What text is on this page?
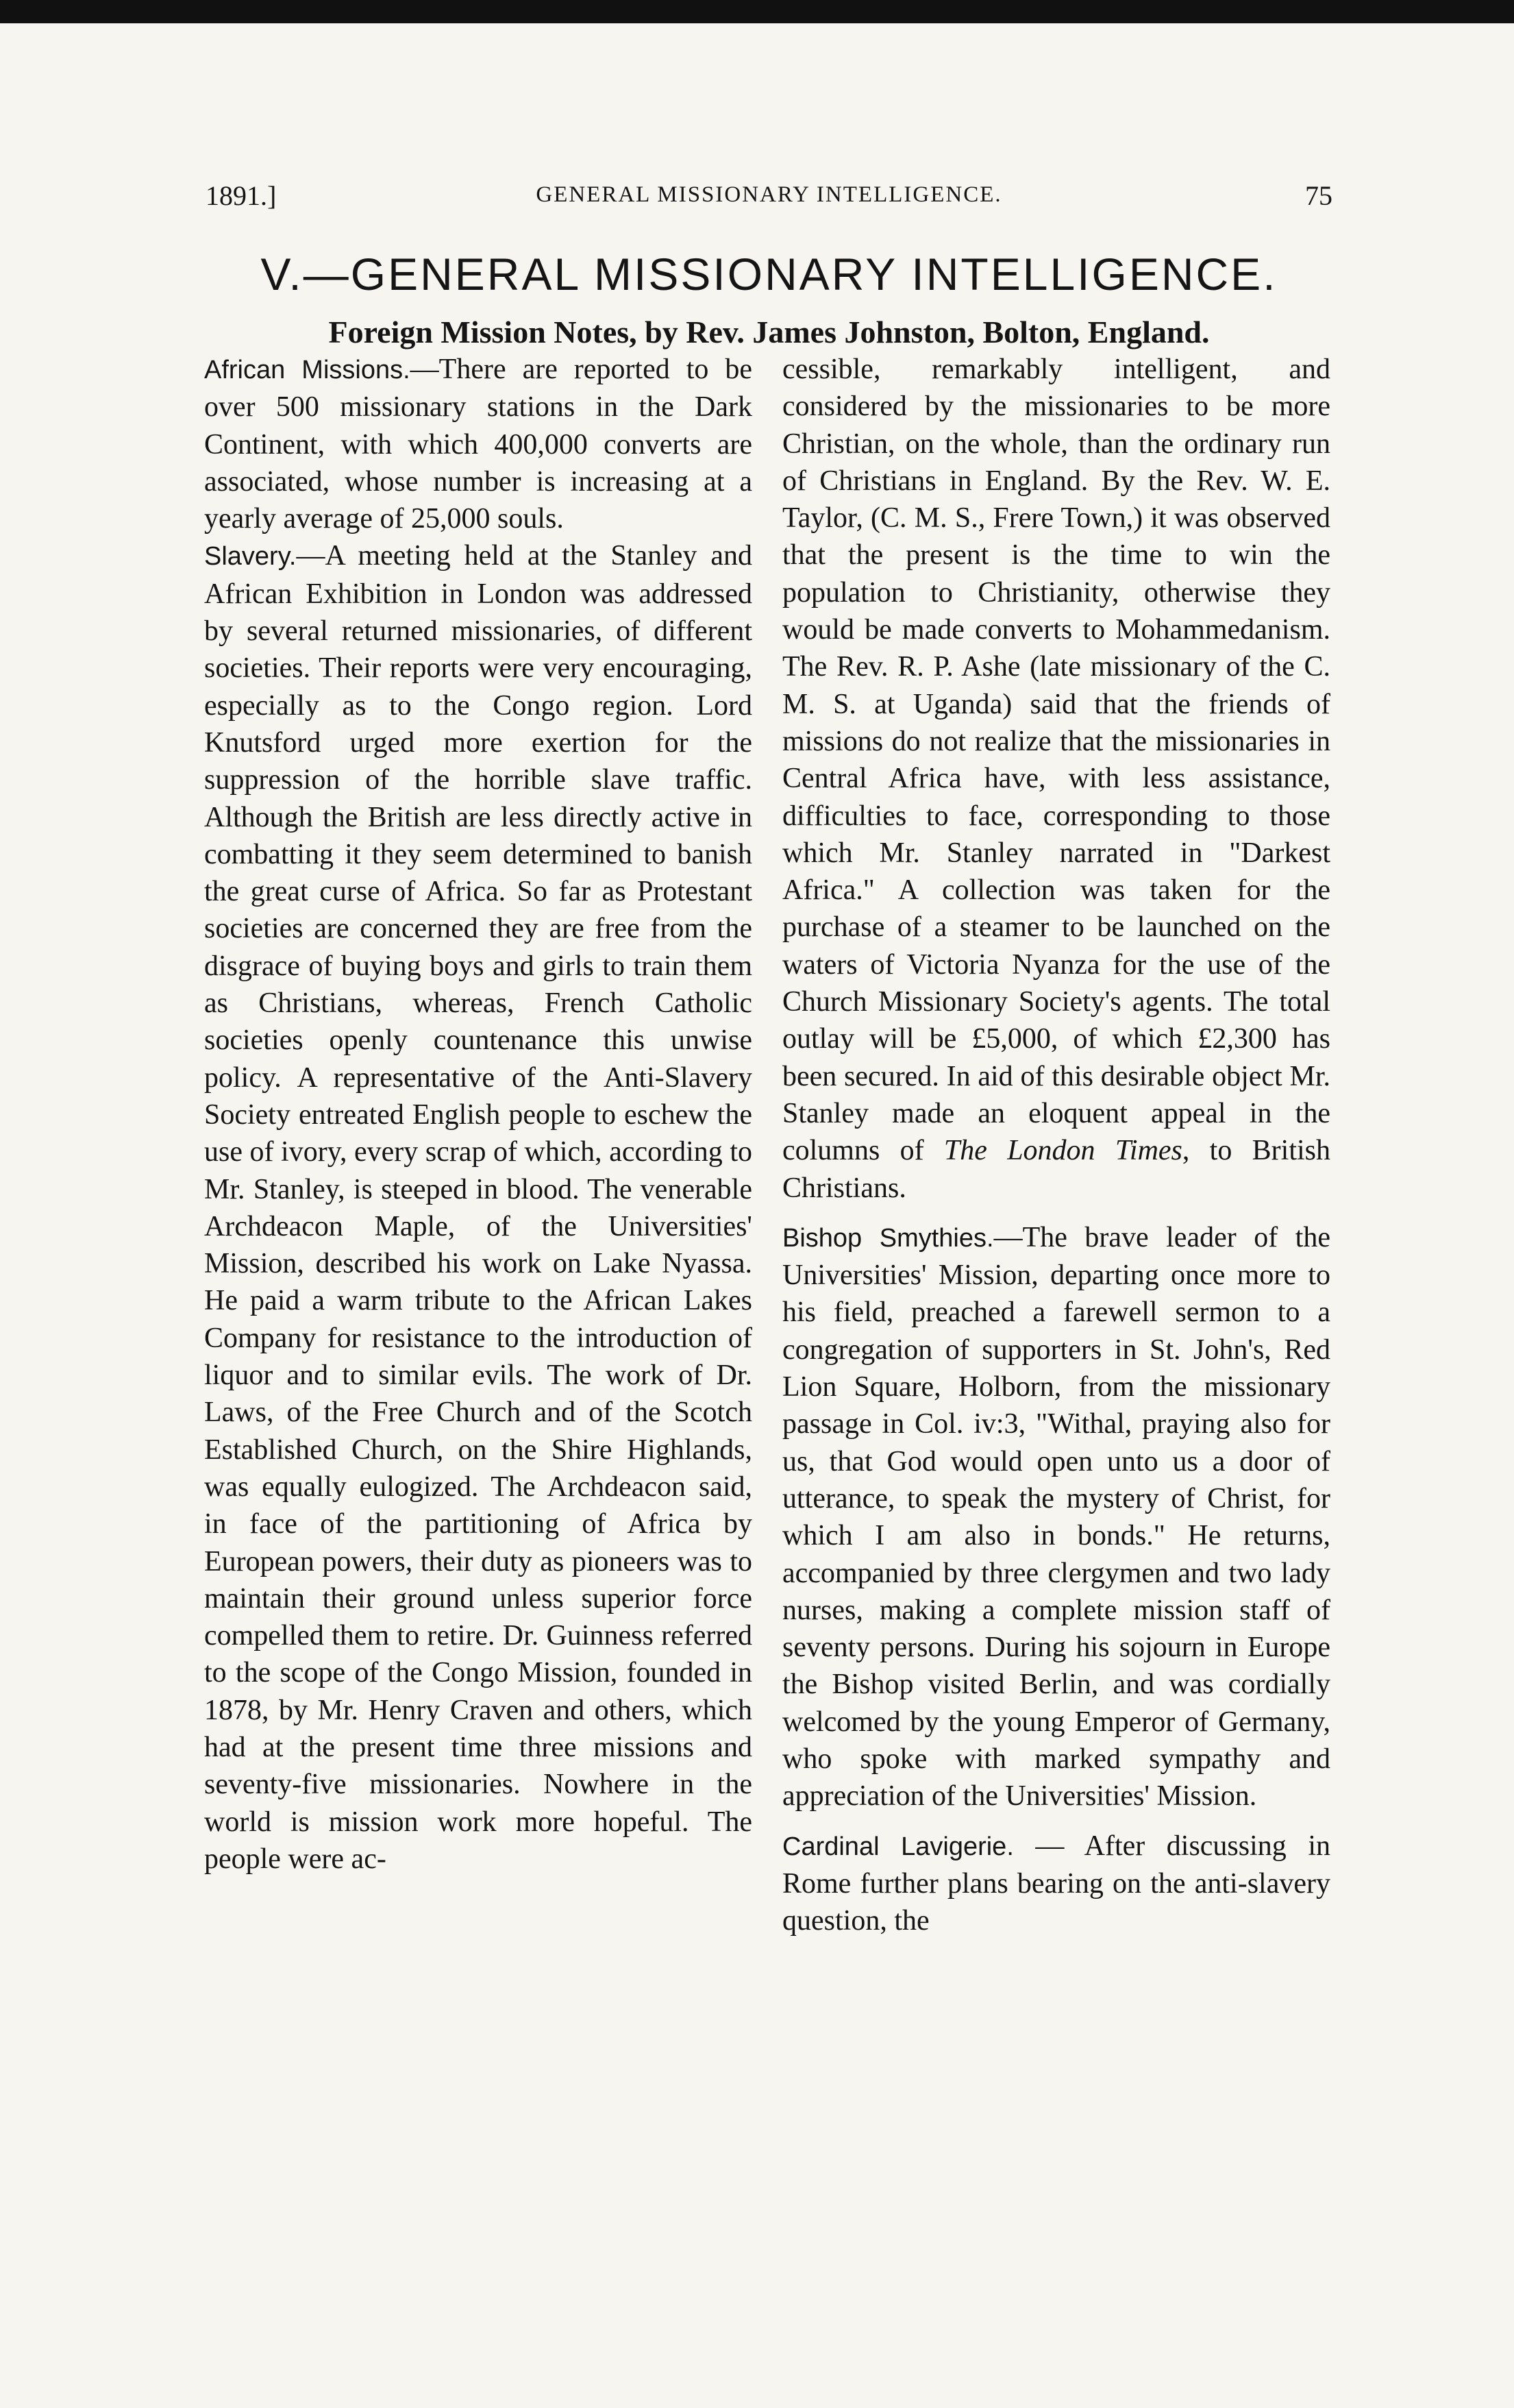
1891.]	GENERAL MISSIONARY INTELLIGENCE.	75
V.—GENERAL MISSIONARY INTELLIGENCE.

Foreign Mission Notes, by Rev. James Johnston, Bolton, England.

African Missions.—There are reported to be over 500 missionary stations in the Dark Continent, with which 400,000 converts are associated, whose number is increasing at a yearly average of 25,000 souls.

Slavery.—A meeting held at the Stanley and African Exhibition in London was addressed by several returned missionaries, of different societies. Their reports were very encouraging, especially as to the Congo region. Lord Knutsford urged more exertion for the suppression of the horrible slave traffic. Although the British are less directly active in combatting it they seem determined to banish the great curse of Africa. So far as Protestant societies are concerned they are free from the disgrace of buying boys and girls to train them as Christians, whereas, French Catholic societies openly countenance this unwise policy. A representative of the Anti-Slavery Society entreated English people to eschew the use of ivory, every scrap of which, according to Mr. Stanley, is steeped in blood. The venerable Archdeacon Maple, of the Universities' Mission, described his work on Lake Nyassa. He paid a warm tribute to the African Lakes Company for resistance to the introduction of liquor and to similar evils. The work of Dr. Laws, of the Free Church and of the Scotch Established Church, on the Shire Highlands, was equally eulogized. The Archdeacon said, in face of the partitioning of Africa by European powers, their duty as pioneers was to maintain their ground unless superior force compelled them to retire. Dr. Guinness referred to the scope of the Congo Mission, founded in 1878, by Mr. Henry Craven and others, which had at the present time three missions and seventy-five missionaries. Nowhere in the world is mission work more hopeful. The people were ac-

cessible, remarkably intelligent, and considered by the missionaries to be more Christian, on the whole, than the ordinary run of Christians in England. By the Rev. W. E. Taylor, (C. M. S., Frere Town,) it was observed that the present is the time to win the population to Christianity, otherwise they would be made converts to Mohammedanism. The Rev. R. P. Ashe (late missionary of the C. M. S. at Uganda) said that the friends of missions do not realize that the missionaries in Central Africa have, with less assistance, difficulties to face, corresponding to those which Mr. Stanley narrated in "Darkest Africa." A collection was taken for the purchase of a steamer to be launched on the waters of Victoria Nyanza for the use of the Church Missionary Society's agents. The total outlay will be £5,000, of which £2,300 has been secured. In aid of this desirable object Mr. Stanley made an eloquent appeal in the columns of The London Times, to British Christians.

Bishop Smythies.—The brave leader of the Universities' Mission, departing once more to his field, preached a farewell sermon to a congregation of supporters in St. John's, Red Lion Square, Holborn, from the missionary passage in Col. iv:3, "Withal, praying also for us, that God would open unto us a door of utterance, to speak the mystery of Christ, for which I am also in bonds." He returns, accompanied by three clergymen and two lady nurses, making a complete mission staff of seventy persons. During his sojourn in Europe the Bishop visited Berlin, and was cordially welcomed by the young Emperor of Germany, who spoke with marked sympathy and appreciation of the Universities' Mission.

Cardinal Lavigerie. — After discussing in Rome further plans bearing on the anti-slavery question, the
